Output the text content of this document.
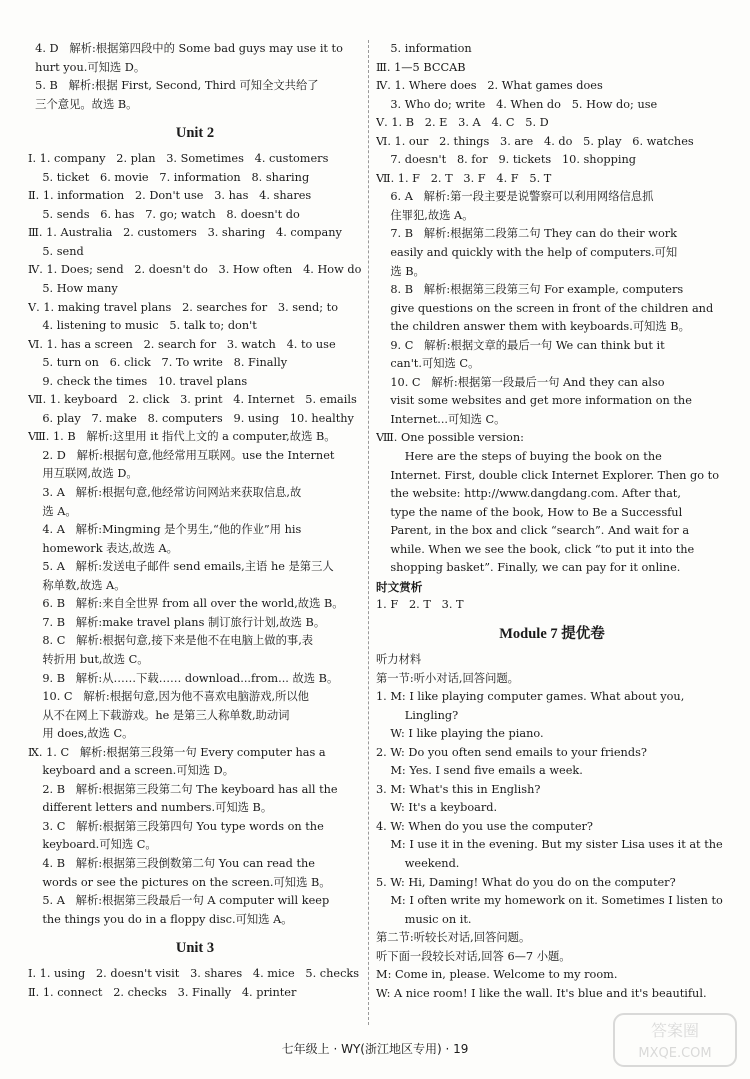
4. D   解析:根据第四段中的 Some bad guys may use it to
hurt you.可知选 D。
5. B   解析:根据 First, Second, Third 可知全文共给了
三个意见。故选 B。
Unit 2
Ⅰ. 1. company   2. plan   3. Sometimes   4. customers
5. ticket   6. movie   7. information   8. sharing
Ⅱ. 1. information   2. Don't use   3. has   4. shares
5. sends   6. has   7. go; watch   8. doesn't do
Ⅲ. 1. Australia   2. customers   3. sharing   4. company
5. send
Ⅳ. 1. Does; send   2. doesn't do   3. How often   4. How do
5. How many
Ⅴ. 1. making travel plans   2. searches for   3. send; to
4. listening to music   5. talk to; don't
Ⅵ. 1. has a screen   2. search for   3. watch   4. to use
5. turn on   6. click   7. To write   8. Finally
9. check the times   10. travel plans
Ⅶ. 1. keyboard   2. click   3. print   4. Internet   5. emails
6. play   7. make   8. computers   9. using   10. healthy
Ⅷ. 1. B   解析:这里用 it 指代上文的 a computer,故选 B。
2. D   解析:根据句意,他经常用互联网。use the Internet
用互联网,故选 D。
3. A   解析:根据句意,他经常访问网站来获取信息,故
选 A。
4. A   解析:Mingming 是个男生,“他的作业”用 his
homework 表达,故选 A。
5. A   解析:发送电子邮件 send emails,主语 he 是第三人
称单数,故选 A。
6. B   解析:来自全世界 from all over the world,故选 B。
7. B   解析:make travel plans 制订旅行计划,故选 B。
8. C   解析:根据句意,接下来是他不在电脑上做的事,表
转折用 but,故选 C。
9. B   解析:从……下载…… download...from... 故选 B。
10. C   解析:根据句意,因为他不喜欢电脑游戏,所以他
从不在网上下载游戏。he 是第三人称单数,助动词
用 does,故选 C。
Ⅸ. 1. C   解析:根据第三段第一句 Every computer has a
keyboard and a screen.可知选 D。
2. B   解析:根据第三段第二句 The keyboard has all the
different letters and numbers.可知选 B。
3. C   解析:根据第三段第四句 You type words on the
keyboard.可知选 C。
4. B   解析:根据第三段倒数第二句 You can read the
words or see the pictures on the screen.可知选 B。
5. A   解析:根据第三段最后一句 A computer will keep
the things you do in a floppy disc.可知选 A。
Unit 3
Ⅰ. 1. using   2. doesn't visit   3. shares   4. mice   5. checks
Ⅱ. 1. connect   2. checks   3. Finally   4. printer
5. information
Ⅲ. 1—5 BCCAB
Ⅳ. 1. Where does   2. What games does
3. Who do; write   4. When do   5. How do; use
Ⅴ. 1. B   2. E   3. A   4. C   5. D
Ⅵ. 1. our   2. things   3. are   4. do   5. play   6. watches
7. doesn't   8. for   9. tickets   10. shopping
Ⅶ. 1. F   2. T   3. F   4. F   5. T
6. A   解析:第一段主要是说警察可以利用网络信息抓
住罪犯,故选 A。
7. B   解析:根据第二段第二句 They can do their work
easily and quickly with the help of computers.可知
选 B。
8. B   解析:根据第三段第三句 For example, computers
give questions on the screen in front of the children and
the children answer them with keyboards.可知选 B。
9. C   解析:根据文章的最后一句 We can think but it
can't.可知选 C。
10. C   解析:根据第一段最后一句 And they can also
visit some websites and get more information on the
Internet...可知选 C。
Ⅷ. One possible version:
Here are the steps of buying the book on the
Internet. First, double click Internet Explorer. Then go to
the website: http://www.dangdang.com. After that,
type the name of the book, How to Be a Successful
Parent, in the box and click “search”. And wait for a
while. When we see the book, click “to put it into the
shopping basket”. Finally, we can pay for it online.
时文赏析
1. F   2. T   3. T
Module 7 提优卷
听力材料
第一节:听小对话,回答问题。
1. M: I like playing computer games. What about you,
Lingling?
W: I like playing the piano.
2. W: Do you often send emails to your friends?
M: Yes. I send five emails a week.
3. M: What's this in English?
W: It's a keyboard.
4. W: When do you use the computer?
M: I use it in the evening. But my sister Lisa uses it at the
weekend.
5. W: Hi, Daming! What do you do on the computer?
M: I often write my homework on it. Sometimes I listen to
music on it.
第二节:听较长对话,回答问题。
听下面一段较长对话,回答 6—7 小题。
M: Come in, please. Welcome to my room.
W: A nice room! I like the wall. It's blue and it's beautiful.
七年级上 · WY(浙江地区专用) · 19
答案圈
MXQE.COM
